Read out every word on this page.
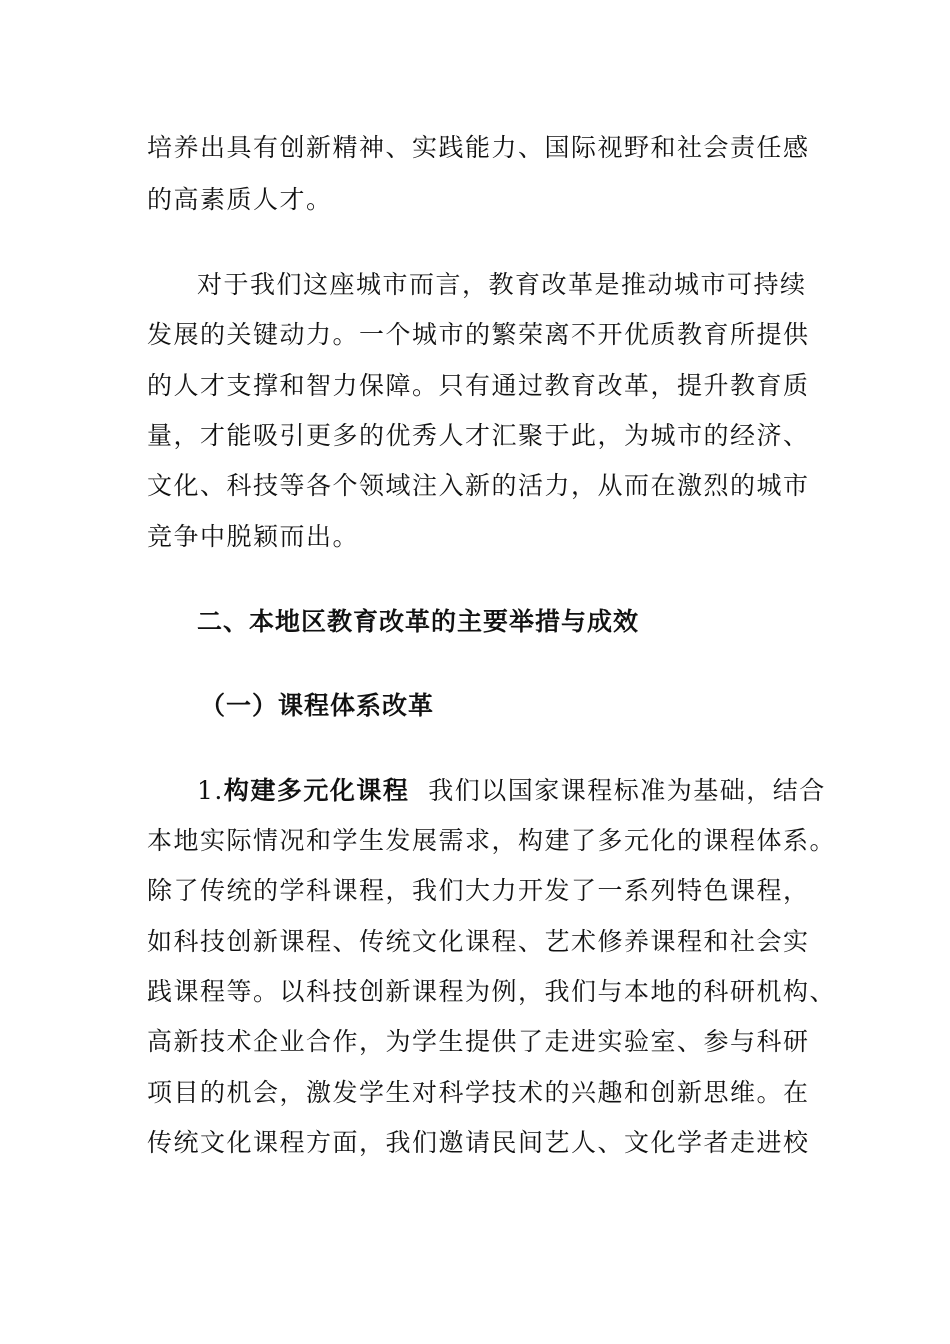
培养出具有创新精神、实践能力、国际视野和社会责任感

的高素质人才。

对于我们这座城市而言，教育改革是推动城市可持续

发展的关键动力。一个城市的繁荣离不开优质教育所提供

的人才支撑和智力保障。只有通过教育改革，提升教育质

量，才能吸引更多的优秀人才汇聚于此，为城市的经济、

文化、科技等各个领域注入新的活力，从而在激烈的城市

竞争中脱颖而出。

二、本地区教育改革的主要举措与成效

（一）课程体系改革

1.构建多元化课程 我们以国家课程标准为基础，结合

本地实际情况和学生发展需求，构建了多元化的课程体系。

除了传统的学科课程，我们大力开发了一系列特色课程，

如科技创新课程、传统文化课程、艺术修养课程和社会实

践课程等。以科技创新课程为例，我们与本地的科研机构、

高新技术企业合作，为学生提供了走进实验室、参与科研

项目的机会，激发学生对科学技术的兴趣和创新思维。在

传统文化课程方面，我们邀请民间艺人、文化学者走进校
